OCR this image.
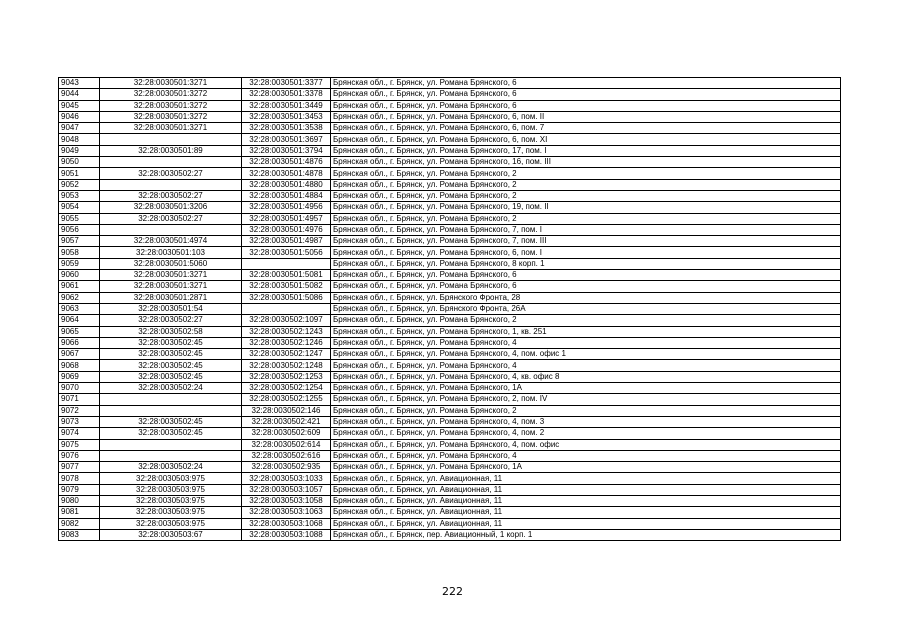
9043	32:28:0030501:3271	32:28:0030501:3377	Брянская обл., г. Брянск, ул. Романа Брянского, 6
9044	32:28:0030501:3272	32:28:0030501:3378	Брянская обл., г. Брянск, ул. Романа Брянского, 6
9045	32:28:0030501:3272	32:28:0030501:3449	Брянская обл., г. Брянск, ул. Романа Брянского, 6
9046	32:28:0030501:3272	32:28:0030501:3453	Брянская обл., г. Брянск, ул. Романа Брянского, 6, пом. II
9047	32:28:0030501:3271	32:28:0030501:3538	Брянская обл., г. Брянск, ул. Романа Брянского, 6, пом. 7
9048		32:28:0030501:3697	Брянская обл., г. Брянск, ул. Романа Брянского, 6, пом. XI
9049	32:28:0030501:89	32:28:0030501:3794	Брянская обл., г. Брянск, ул. Романа Брянского, 17, пом. I
9050		32:28:0030501:4876	Брянская обл., г. Брянск, ул. Романа Брянского, 16, пом. III
9051	32:28:0030502:27	32:28:0030501:4878	Брянская обл., г. Брянск, ул. Романа Брянского, 2
9052		32:28:0030501:4880	Брянская обл., г. Брянск, ул. Романа Брянского, 2
9053	32:28:0030502:27	32:28:0030501:4884	Брянская обл., г. Брянск, ул. Романа Брянского, 2
9054	32:28:0030501:3206	32:28:0030501:4956	Брянская обл., г. Брянск, ул. Романа Брянского, 19, пом. II
9055	32:28:0030502:27	32:28:0030501:4957	Брянская обл., г. Брянск, ул. Романа Брянского, 2
9056		32:28:0030501:4976	Брянская обл., г. Брянск, ул. Романа Брянского, 7, пом. I
9057	32:28:0030501:4974	32:28:0030501:4987	Брянская обл., г. Брянск, ул. Романа Брянского, 7, пом. III
9058	32:28:0030501:103	32:28:0030501:5056	Брянская обл., г. Брянск, ул. Романа Брянского, 6, пом. I
9059	32:28:0030501:5060		Брянская обл., г. Брянск, ул. Романа Брянского, 8 корп. 1
9060	32:28:0030501:3271	32:28:0030501:5081	Брянская обл., г. Брянск, ул. Романа Брянского, 6
9061	32:28:0030501:3271	32:28:0030501:5082	Брянская обл., г. Брянск, ул. Романа Брянского, 6
9062	32:28:0030501:2871	32:28:0030501:5086	Брянская обл., г. Брянск, ул. Брянского Фронта, 28
9063	32:28:0030501:54		Брянская обл., г. Брянск, ул. Брянского Фронта, 26А
9064	32:28:0030502:27	32:28:0030502:1097	Брянская обл., г. Брянск, ул. Романа Брянского, 2
9065	32:28:0030502:58	32:28:0030502:1243	Брянская обл., г. Брянск, ул. Романа Брянского, 1, кв. 251
9066	32:28:0030502:45	32:28:0030502:1246	Брянская обл., г. Брянск, ул. Романа Брянского, 4
9067	32:28:0030502:45	32:28:0030502:1247	Брянская обл., г. Брянск, ул. Романа Брянского, 4, пом. офис 1
9068	32:28:0030502:45	32:28:0030502:1248	Брянская обл., г. Брянск, ул. Романа Брянского, 4
9069	32:28:0030502:45	32:28:0030502:1253	Брянская обл., г. Брянск, ул. Романа Брянского, 4, кв. офис 8
9070	32:28:0030502:24	32:28:0030502:1254	Брянская обл., г. Брянск, ул. Романа Брянского, 1А
9071		32:28:0030502:1255	Брянская обл., г. Брянск, ул. Романа Брянского, 2, пом. IV
9072		32:28:0030502:146	Брянская обл., г. Брянск, ул. Романа Брянского, 2
9073	32:28:0030502:45	32:28:0030502:421	Брянская обл., г. Брянск, ул. Романа Брянского, 4, пом. 3
9074	32:28:0030502:45	32:28:0030502:609	Брянская обл., г. Брянск, ул. Романа Брянского, 4, пом. 2
9075		32:28:0030502:614	Брянская обл., г. Брянск, ул. Романа Брянского, 4, пом. офис
9076		32:28:0030502:616	Брянская обл., г. Брянск, ул. Романа Брянского, 4
9077	32:28:0030502:24	32:28:0030502:935	Брянская обл., г. Брянск, ул. Романа Брянского, 1А
9078	32:28:0030503:975	32:28:0030503:1033	Брянская обл., г. Брянск, ул. Авиационная, 11
9079	32:28:0030503:975	32:28:0030503:1057	Брянская обл., г. Брянск, ул. Авиационная, 11
9080	32:28:0030503:975	32:28:0030503:1058	Брянская обл., г. Брянск, ул. Авиационная, 11
9081	32:28:0030503:975	32:28:0030503:1063	Брянская обл., г. Брянск, ул. Авиационная, 11
9082	32:28:0030503:975	32:28:0030503:1068	Брянская обл., г. Брянск, ул. Авиационная, 11
9083	32:28:0030503:67	32:28:0030503:1088	Брянская обл., г. Брянск, пер. Авиационный, 1 корп. 1
222
